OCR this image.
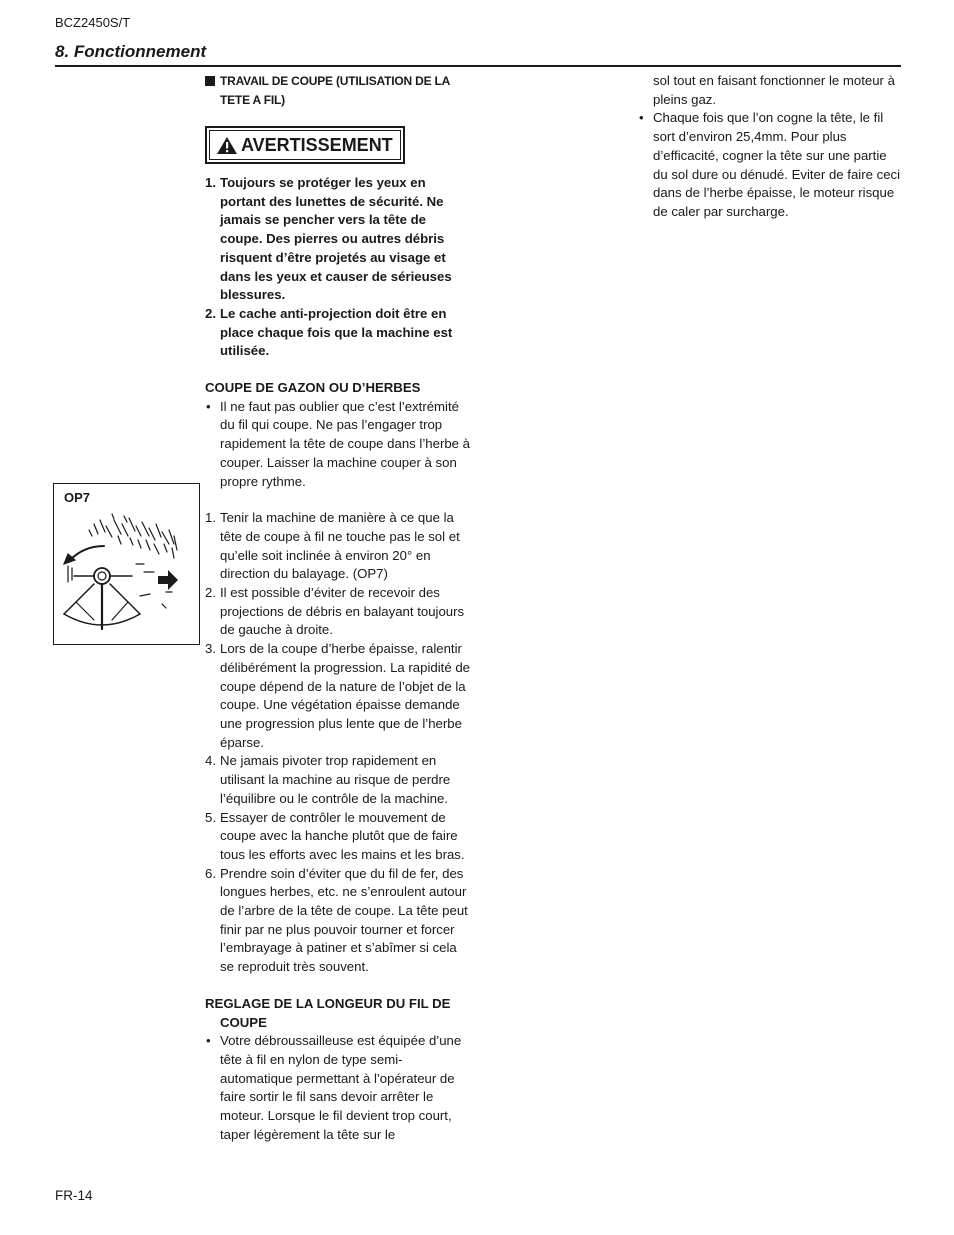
BCZ2450S/T
8. Fonctionnement
OP7
TRAVAIL DE COUPE (UTILISATION DE LA TETE A FIL)
AVERTISSEMENT
1. Toujours se protéger les yeux en portant des lunettes de sécurité. Ne jamais se pencher vers la tête de coupe. Des pierres ou autres débris risquent d’être projetés au visage et dans les yeux et causer de sérieuses blessures.
2. Le cache anti-projection doit être en place chaque fois que la machine est utilisée.
COUPE DE GAZON OU D’HERBES
• Il ne faut pas oublier que c’est l’extrémité du fil qui coupe. Ne pas l’engager trop rapidement la tête de coupe dans l’herbe à couper. Laisser la machine couper à son propre rythme.
1. Tenir la machine de manière à ce que la tête de coupe à fil ne touche pas le sol et qu’elle soit inclinée à environ 20° en direction du balayage. (OP7)
2. Il est possible d’éviter de recevoir des projections de débris en balayant toujours de gauche à droite.
3. Lors de la coupe d’herbe épaisse, ralentir délibérément la progression. La rapidité de coupe dépend de la nature de l’objet de la coupe. Une végétation épaisse demande une progression plus lente que de l’herbe éparse.
4. Ne jamais pivoter trop rapidement en utilisant la machine au risque de perdre l’équilibre ou le contrôle de la machine.
5. Essayer de contrôler le mouvement de coupe avec la hanche plutôt que de faire tous les efforts avec les mains et les bras.
6. Prendre soin d’éviter que du fil de fer, des longues herbes, etc. ne s’enroulent autour de l’arbre de la tête de coupe. La tête peut finir par ne plus pouvoir tourner et forcer l’embrayage à patiner et s’abîmer si cela se reproduit très souvent.
REGLAGE DE LA LONGEUR DU FIL DE COUPE
• Votre débroussailleuse est équipée d’une tête à fil en nylon de type semi-automatique permettant à l’opérateur de faire sortir le fil sans devoir arrêter le moteur. Lorsque le fil devient trop court, taper légèrement la tête sur le
sol tout en faisant fonctionner le moteur à pleins gaz.
• Chaque fois que l’on cogne la tête, le fil sort d’environ 25,4mm. Pour plus d’efficacité, cogner la tête sur une partie du sol dure ou dénudé. Eviter de faire ceci dans de l’herbe épaisse, le moteur risque de caler par surcharge.
FR-14
